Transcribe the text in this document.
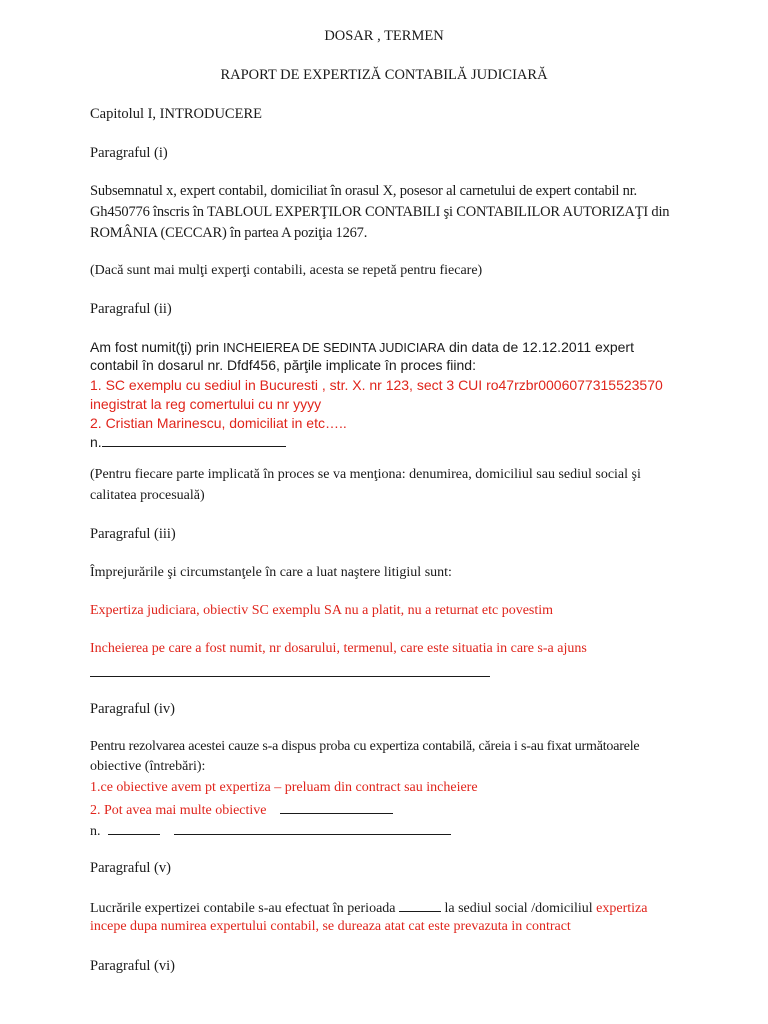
DOSAR , TERMEN
RAPORT DE EXPERTIZĂ CONTABILĂ JUDICIARĂ
Capitolul I, INTRODUCERE
Paragraful (i)
Subsemnatul x, expert contabil, domiciliat în orasul X, posesor al carnetului de expert contabil nr.
Gh450776 înscris în TABLOUL EXPERŢILOR CONTABILI şi CONTABILILOR AUTORIZAŢI din
ROMÂNIA (CECCAR) în partea A poziţia 1267.
(Dacă sunt mai mulţi experţi contabili, acesta se repetă pentru fiecare)
Paragraful (ii)
Am fost numit(ţi) prin INCHEIEREA DE SEDINTA JUDICIARA din data de 12.12.2011 expert
contabil în dosarul nr. Dfdf456, părţile implicate în proces fiind:
1. SC exemplu cu sediul in Bucuresti , str. X. nr 123, sect 3 CUI ro47rzbr0006077315523570
inegistrat la reg comertului cu nr yyyy
2. Cristian Marinescu, domiciliat in etc…..
n.
(Pentru fiecare parte implicată în proces se va menţiona: denumirea, domiciliul sau sediul social şi
calitatea procesuală)
Paragraful (iii)
Împrejurările şi circumstanţele în care a luat naştere litigiul sunt:
Expertiza judiciara, obiectiv SC exemplu SA nu a platit, nu a returnat etc povestim
Incheierea pe care a fost numit, nr dosarului, termenul, care este situatia in care s-a ajuns
Paragraful (iv)
Pentru rezolvarea acestei cauze s-a dispus proba cu expertiza contabilă, căreia i s-au fixat următoarele
obiective (întrebări):
1.ce obiective avem pt expertiza – preluam din contract sau incheiere
2. Pot avea mai multe obiective
n.
Paragraful (v)
Lucrările expertizei contabile s-au efectuat în perioada	la sediul social /domiciliul expertiza
incepe dupa numirea expertului contabil, se dureaza atat cat este prevazuta in contract
Paragraful (vi)
